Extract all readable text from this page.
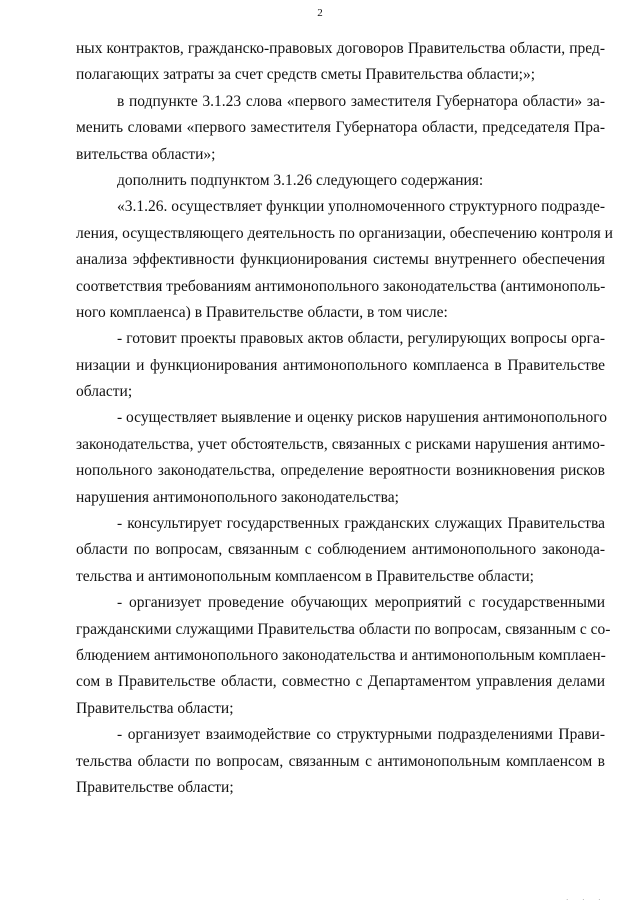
2
ных контрактов, гражданско-правовых договоров Правительства области, пред-
полагающих затраты за счет средств сметы Правительства области;»;
в подпункте 3.1.23 слова «первого заместителя Губернатора области» за-
менить словами «первого заместителя Губернатора области, председателя Пра-
вительства области»;
дополнить подпунктом 3.1.26 следующего содержания:
«3.1.26. осуществляет функции уполномоченного структурного подразде-
ления, осуществляющего деятельность по организации, обеспечению контроля и
анализа эффективности функционирования системы внутреннего обеспечения
соответствия требованиям антимонопольного законодательства (антимонополь-
ного комплаенса) в Правительстве области, в том числе:
- готовит проекты правовых актов области, регулирующих вопросы орга-
низации и функционирования антимонопольного комплаенса в Правительстве
области;
- осуществляет выявление и оценку рисков нарушения антимонопольного
законодательства, учет обстоятельств, связанных с рисками нарушения антимо-
нопольного законодательства, определение вероятности возникновения рисков
нарушения антимонопольного законодательства;
- консультирует государственных гражданских служащих Правительства
области по вопросам, связанным с соблюдением антимонопольного законода-
тельства и антимонопольным комплаенсом в Правительстве области;
- организует проведение обучающих мероприятий с государственными
гражданскими служащими Правительства области по вопросам, связанным с со-
блюдением антимонопольного законодательства и антимонопольным комплаен-
сом в Правительстве области, совместно с Департаментом управления делами
Правительства области;
- организует взаимодействие со структурными подразделениями Прави-
тельства области по вопросам, связанным с антимонопольным комплаенсом в
Правительстве области;
· · ·
